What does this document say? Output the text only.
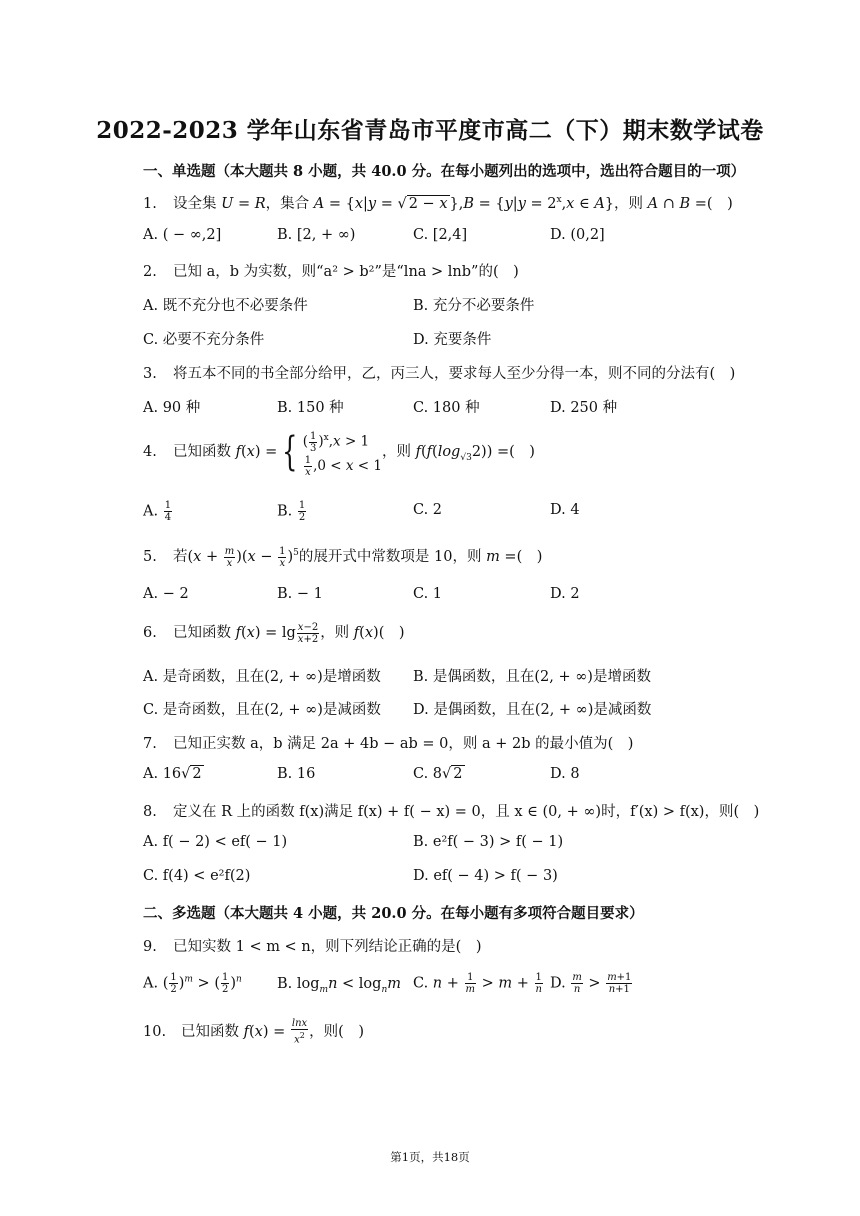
2022-2023 学年山东省青岛市平度市高二（下）期末数学试卷
一、单选题（本大题共 8 小题，共 40.0 分。在每小题列出的选项中，选出符合题目的一项）
1. 设全集 U = R，集合 A = {x|y = √ 2 − x }$,B = \{y|y = 2^x,x$ ∈ A}，则 A ∩ B =(　)
A. ( − ∞,2]	B. [2, + ∞)	C. [2,4]	D. (0,2]
2. 已知 a，b 为实数，则“a² > b²”是“lna > lnb”的(　)
A. 既不充分也不必要条件	B. 充分不必要条件
C. 必要不充分条件	D. 充要条件
3. 将五本不同的书全部分给甲，乙，丙三人，要求每人至少分得一本，则不同的分法有(　)
A. 90 种	B. 150 种	C. 180 种	D. 250 种
4. 已知函数 f(x) = { ( $\frac{1}{3} )^x,x > 1$

$\frac{1}{x} ,0 < x < 1$，则 $f(f(\log_{√3}2))$ =(　)
A. $\frac{1}{4}$	B. $\frac{1}{2}$	C. 2	D. 4
5. 若$(x + \frac{m}{x} )(x - \frac{1}{x} )^5$的展开式中常数项是 10，则 m =(　)
A. − 2	B. − 1	C. 1	D. 2
6. 已知函数 $f(x) = \lg \frac{x-2}{x+2}$ ，则 f(x)(　)
A. 是奇函数，且在(2, + ∞)是增函数 B. 是偶函数，且在(2, + ∞)是增函数
C. 是奇函数，且在(2, + ∞)是减函数 D. 是偶函数，且在(2, + ∞)是减函数
7. 已知正实数 a，b 满足 2a + 4b − ab = 0，则 a + 2b 的最小值为(　)
A. 16√ 2	B. 16	C. 8√ 2	D. 8
8. 定义在 R 上的函数 f(x)满足 f(x) + f( − x) = 0，且 x ∈ (0, + ∞)时，f′(x) > f(x)，则(　)
A. f( − 2) < ef( − 1)	B. e²f( − 3) > f( − 1)
C. f(4) < e²f(2)	D. ef( − 4) > f( − 3)
二、多选题（本大题共 4 小题，共 20.0 分。在每小题有多项符合题目要求）
9. 已知实数 1 < m < n，则下列结论正确的是(　)
A. ( $\frac{1}{2} )^m$ > ( $\frac{1}{2} )^n$ B. $\log_mn < \log_nm$ C. $n + \frac{1}{m} > m + \frac{1}{n} D$. $\frac{m}{n} > \frac{m+1}{n+1}$
10. 已知函数 $f(x) = \frac{\ln x}{x^2}$ ，则(　)
第1页，共18页
